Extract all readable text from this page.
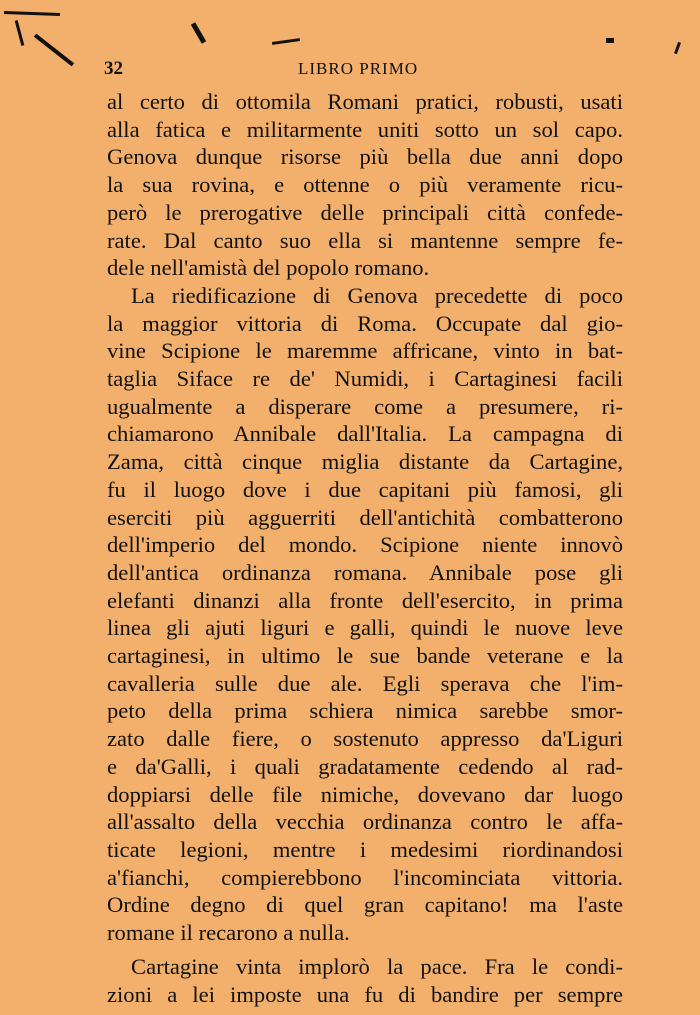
32	LIBRO PRIMO

al certo di ottomila Romani pratici, robusti, usati
alla fatica e militarmente uniti sotto un sol capo.
Genova dunque risorse più bella due anni dopo
la sua rovina, e ottenne o più veramente ricu-
però le prerogative delle principali città confede-
rate. Dal canto suo ella si mantenne sempre fe-
dele nell'amistà del popolo romano.

La riedificazione di Genova precedette di poco
la maggior vittoria di Roma. Occupate dal gio-
vine Scipione le maremme affricane, vinto in bat-
taglia Siface re de' Numidi, i Cartaginesi facili
ugualmente a disperare come a presumere, ri-
chiamarono Annibale dall'Italia. La campagna di
Zama, città cinque miglia distante da Cartagine,
fu il luogo dove i due capitani più famosi, gli
eserciti più agguerriti dell'antichità combatterono
dell'imperio del mondo. Scipione niente innovò
dell'antica ordinanza romana. Annibale pose gli
elefanti dinanzi alla fronte dell'esercito, in prima
linea gli ajuti liguri e galli, quindi le nuove leve
cartaginesi, in ultimo le sue bande veterane e la
cavalleria sulle due ale. Egli sperava che l'im-
peto della prima schiera nimica sarebbe smor-
zato dalle fiere, o sostenuto appresso da'Liguri
e da'Galli, i quali gradatamente cedendo al rad-
doppiarsi delle file nimiche, dovevano dar luogo
all'assalto della vecchia ordinanza contro le affa-
ticate legioni, mentre i medesimi riordinandosi
a'fianchi, compierebbono l'incominciata vittoria.
Ordine degno di quel gran capitano! ma l'aste
romane il recarono a nulla.

Cartagine vinta implorò la pace. Fra le condi-
zioni a lei imposte una fu di bandire per sempre
